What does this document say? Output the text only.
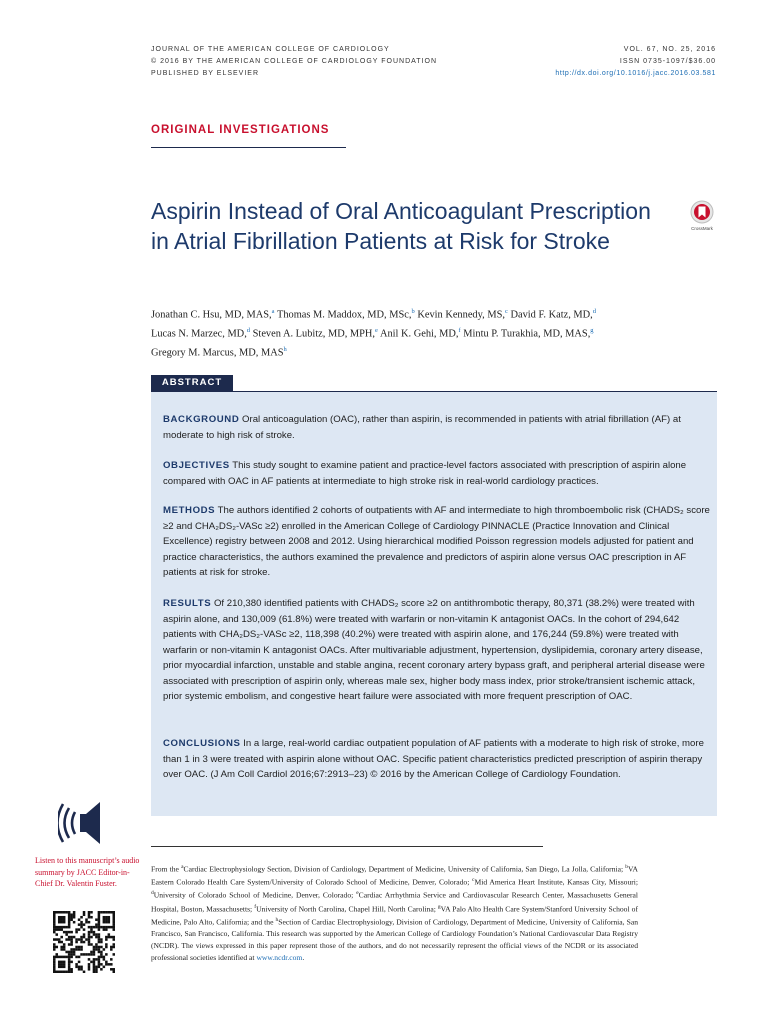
JOURNAL OF THE AMERICAN COLLEGE OF CARDIOLOGY
© 2016 BY THE AMERICAN COLLEGE OF CARDIOLOGY FOUNDATION
PUBLISHED BY ELSEVIER
VOL. 67, NO. 25, 2016
ISSN 0735-1097/$36.00
http://dx.doi.org/10.1016/j.jacc.2016.03.581
ORIGINAL INVESTIGATIONS
Aspirin Instead of Oral Anticoagulant Prescription in Atrial Fibrillation Patients at Risk for Stroke	CrossMark
Jonathan C. Hsu, MD, MAS,$^a$ Thomas M. Maddox, MD, MSc,$^b$ Kevin Kennedy, MS,$^c$ David F. Katz, MD,$^d$
Lucas N. Marzec, MD,$^d$ Steven A. Lubitz, MD, MPH,$^e$ Anil K. Gehi, MD,$^f$ Mintu P. Turakhia, MD, MAS,$^g$
Gregory M. Marcus, MD, MAS$^h$
ABSTRACT
BACKGROUND Oral anticoagulation (OAC), rather than aspirin, is recommended in patients with atrial fibrillation (AF) at moderate to high risk of stroke.
OBJECTIVES This study sought to examine patient and practice-level factors associated with prescription of aspirin alone compared with OAC in AF patients at intermediate to high stroke risk in real-world cardiology practices.
METHODS The authors identified 2 cohorts of outpatients with AF and intermediate to high thromboembolic risk (CHADS₂ score ≥2 and CHA₂DS₂-VASc ≥2) enrolled in the American College of Cardiology PINNACLE (Practice Innovation and Clinical Excellence) registry between 2008 and 2012. Using hierarchical modified Poisson regression models adjusted for patient and practice characteristics, the authors examined the prevalence and predictors of aspirin alone versus OAC prescription in AF patients at risk for stroke.
RESULTS Of 210,380 identified patients with CHADS₂ score ≥2 on antithrombotic therapy, 80,371 (38.2%) were treated with aspirin alone, and 130,009 (61.8%) were treated with warfarin or non-vitamin K antagonist OACs. In the cohort of 294,642 patients with CHA₂DS₂-VASc ≥2, 118,398 (40.2%) were treated with aspirin alone, and 176,244 (59.8%) were treated with warfarin or non-vitamin K antagonist OACs. After multivariable adjustment, hypertension, dyslipidemia, coronary artery disease, prior myocardial infarction, unstable and stable angina, recent coronary artery bypass graft, and peripheral arterial disease were associated with prescription of aspirin only, whereas male sex, higher body mass index, prior stroke/transient ischemic attack, prior systemic embolism, and congestive heart failure were associated with more frequent prescription of OAC.
CONCLUSIONS In a large, real-world cardiac outpatient population of AF patients with a moderate to high risk of stroke, more than 1 in 3 were treated with aspirin alone without OAC. Specific patient characteristics predicted prescription of aspirin therapy over OAC. (J Am Coll Cardiol 2016;67:2913–23) © 2016 by the American College of Cardiology Foundation.
Listen to this manuscript’s audio summary by JACC Editor-in-Chief Dr. Valentin Fuster.
From the $^a$Cardiac Electrophysiology Section, Division of Cardiology, Department of Medicine, University of California, San Diego, La Jolla, California; $^b$VA Eastern Colorado Health Care System/University of Colorado School of Medicine, Denver, Colorado; $^c$Mid America Heart Institute, Kansas City, Missouri; $^d$University of Colorado School of Medicine, Denver, Colorado; $^e$Cardiac Arrhythmia Service and Cardiovascular Research Center, Massachusetts General Hospital, Boston, Massachusetts; $^f$University of North Carolina, Chapel Hill, North Carolina; $^g$VA Palo Alto Health Care System/Stanford University School of Medicine, Palo Alto, California; and the $^h$Section of Cardiac Electrophysiology, Division of Cardiology, Department of Medicine, University of California, San Francisco, San Francisco, California. This research was supported by the American College of Cardiology Foundation’s National Cardiovascular Data Registry (NCDR). The views expressed in this paper represent those of the authors, and do not necessarily represent the official views of the NCDR or its associated professional societies identified at www.ncdr.com.
